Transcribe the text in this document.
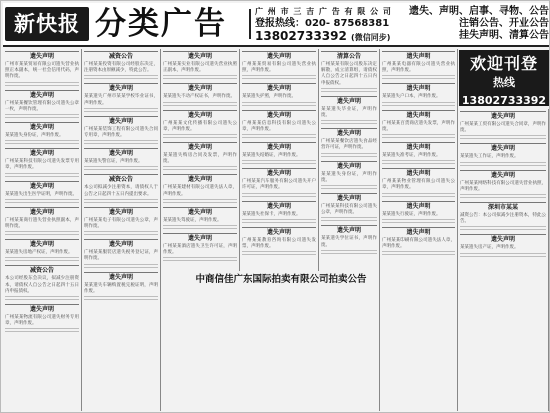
新快报 分类广告	广 州 市 三 吉 广 告 有 限 公 司
登报热线：020- 87568381
13802733392 (微信同步)
遗失、声明、启事、寻物、公告
注销公告、开业公告
挂失声明、清算公告
遗失声明

广州市某某贸易有限公司遗失营业执照正本副本，统一社会信用代码，声明作废。

遗失声明

广州某某餐饮管理有限公司遗失公章一枚，声明作废。

遗失声明

某某遗失身份证，声明作废。

遗失声明

广州某某科技有限公司遗失发票专用章，声明作废。

遗失声明

某某遗失出生医学证明，声明作废。

遗失声明

广州某某商行遗失营业执照副本，声明作废。

遗失声明

某某遗失房地产权证，声明作废。

减资公告

本公司经股东会决议，拟减少注册资本，请债权人自公告之日起四十五日内申报债权。

遗失声明

广州某某物流有限公司遗失财务专用章，声明作废。

减资公告

广州某某投资有限公司经股东决定，注册资本由原额减少，特此公告。

遗失声明

某某遗失广州市某某学校毕业证书，声明作废。

遗失声明

广州某某装饰工程有限公司遗失合同专用章，声明作废。

遗失声明

某某遗失警官证，声明作废。

减资公告

本公司拟减少注册资本，请债权人于公告之日起四十五日内提出要求。

遗失声明

广州某某电子有限公司遗失公章，声明作废。

遗失声明

广州某某服装店遗失税务登记证，声明作废。

遗失声明

某某遗失车辆购置税完税证明，声明作废。

遗失声明

广州某某实业有限公司遗失营业执照正副本，声明作废。

遗失声明

某某遗失不动产权证书，声明作废。

遗失声明

广州某某文化传播有限公司遗失公章，声明作废。

遗失声明

某某遗失购房合同及发票，声明作废。

遗失声明

广州某某建材有限公司遗失法人章，声明作废。

遗失声明

某某遗失驾驶证，声明作废。

遗失声明

广州某某酒店遗失卫生许可证，声明作废。

遗失声明

广州某某贸易有限公司遗失营业执照，声明作废。

遗失声明

某某遗失护照，声明作废。

遗失声明

广州某某信息科技有限公司遗失公章，声明作废。

遗失声明

某某遗失结婚证，声明作废。

遗失声明

广州某某汽车服务有限公司遗失开户许可证，声明作废。

遗失声明

某某遗失社保卡，声明作废。

遗失声明

广州某某教育咨询有限公司遗失发票，声明作废。

清算公告

广州某某有限公司股东决定解散，成立清算组，请债权人自公告之日起四十五日内申报债权。

遗失声明

某某遗失毕业证，声明作废。

遗失声明

广州某某餐饮店遗失食品经营许可证，声明作废。

遗失声明

某某遗失身份证，声明作废。

遗失声明

广州某某科技有限公司遗失公章，声明作废。

遗失声明

某某遗失学位证书，声明作废。

遗失声明

广州某某电器有限公司遗失营业执照，声明作废。

遗失声明

某某遗失户口本，声明作废。

遗失声明

广州某某百货商店遗失发票，声明作废。

遗失声明

某某遗失准考证，声明作废。

遗失声明

广州某某物业管理有限公司遗失公章，声明作废。

遗失声明

某某遗失行驶证，声明作废。

遗失声明

广州某某印刷有限公司遗失法人章，声明作废。

遗失声明

广州某某工贸有限公司遗失合同章，声明作废。

遗失声明

某某遗失工作证，声明作废。

遗失声明

广州某某网络科技有限公司遗失营业执照，声明作废。

深圳市某某

减资公告：本公司拟减少注册资本，特此公告。

遗失声明

某某遗失房产证，声明作废。

中商信佳广东国际拍卖有限公司拍卖公告
欢迎刊登
热线13802733392
